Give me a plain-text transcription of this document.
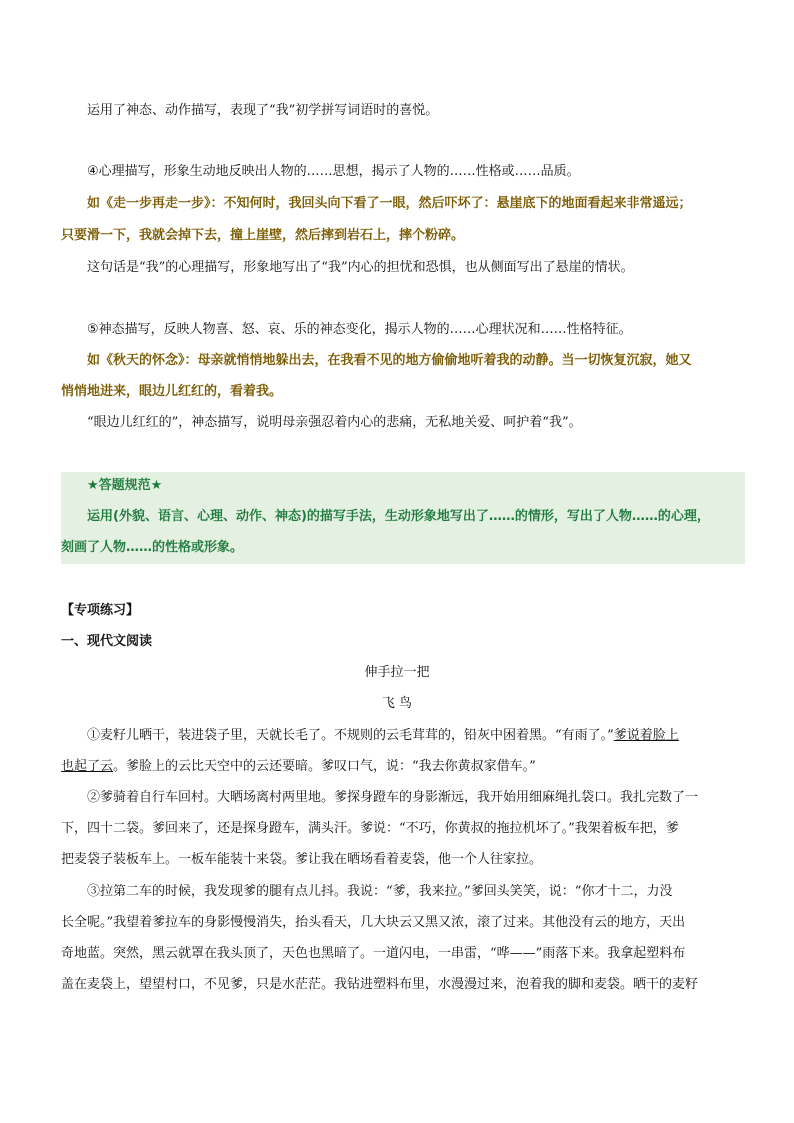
运用了神态、动作描写，表现了“我”初学拼写词语时的喜悦。
④心理描写，形象生动地反映出人物的……思想，揭示了人物的……性格或……品质。
如《走一步再走一步》：不知何时，我回头向下看了一眼，然后吓坏了：悬崖底下的地面看起来非常遥远；
只要滑一下，我就会掉下去，撞上崖壁，然后摔到岩石上，摔个粉碎。
这句话是“我”的心理描写，形象地写出了“我”内心的担忧和恐惧，也从侧面写出了悬崖的情状。
⑤神态描写，反映人物喜、怒、哀、乐的神态变化，揭示人物的……心理状况和……性格特征。
如《秋天的怀念》：母亲就悄悄地躲出去，在我看不见的地方偷偷地听着我的动静。当一切恢复沉寂，她又
悄悄地进来，眼边儿红红的，看着我。
“眼边儿红红的”，神态描写，说明母亲强忍着内心的悲痛，无私地关爱、呵护着“我”。
★答题规范★
运用(外貌、语言、心理、动作、神态)的描写手法，生动形象地写出了……的情形，写出了人物……的心理，
刻画了人物……的性格或形象。
【专项练习】
一、现代文阅读
伸手拉一把
飞 鸟
①麦籽儿晒干，装进袋子里，天就长毛了。不规则的云毛茸茸的，铅灰中困着黑。“有雨了。”爹说着脸上
也起了云。爹脸上的云比天空中的云还要暗。爹叹口气，说：“我去你黄叔家借车。”
②爹骑着自行车回村。大晒场离村两里地。爹探身蹬车的身影渐远，我开始用细麻绳扎袋口。我扎完数了一
下，四十二袋。爹回来了，还是探身蹬车，满头汗。爹说：“不巧，你黄叔的拖拉机坏了。”我架着板车把，爹
把麦袋子装板车上。一板车能装十来袋。爹让我在晒场看着麦袋，他一个人往家拉。
③拉第二车的时候，我发现爹的腿有点儿抖。我说：“爹，我来拉。”爹回头笑笑，说：“你才十二，力没
长全呢。”我望着爹拉车的身影慢慢消失，抬头看天，几大块云又黑又浓，滚了过来。其他没有云的地方，天出
奇地蓝。突然，黑云就罩在我头顶了，天色也黑暗了。一道闪电，一串雷，“哗——”雨落下来。我拿起塑料布
盖在麦袋上，望望村口，不见爹，只是水茫茫。我钻进塑料布里，水漫漫过来，泡着我的脚和麦袋。晒干的麦籽
